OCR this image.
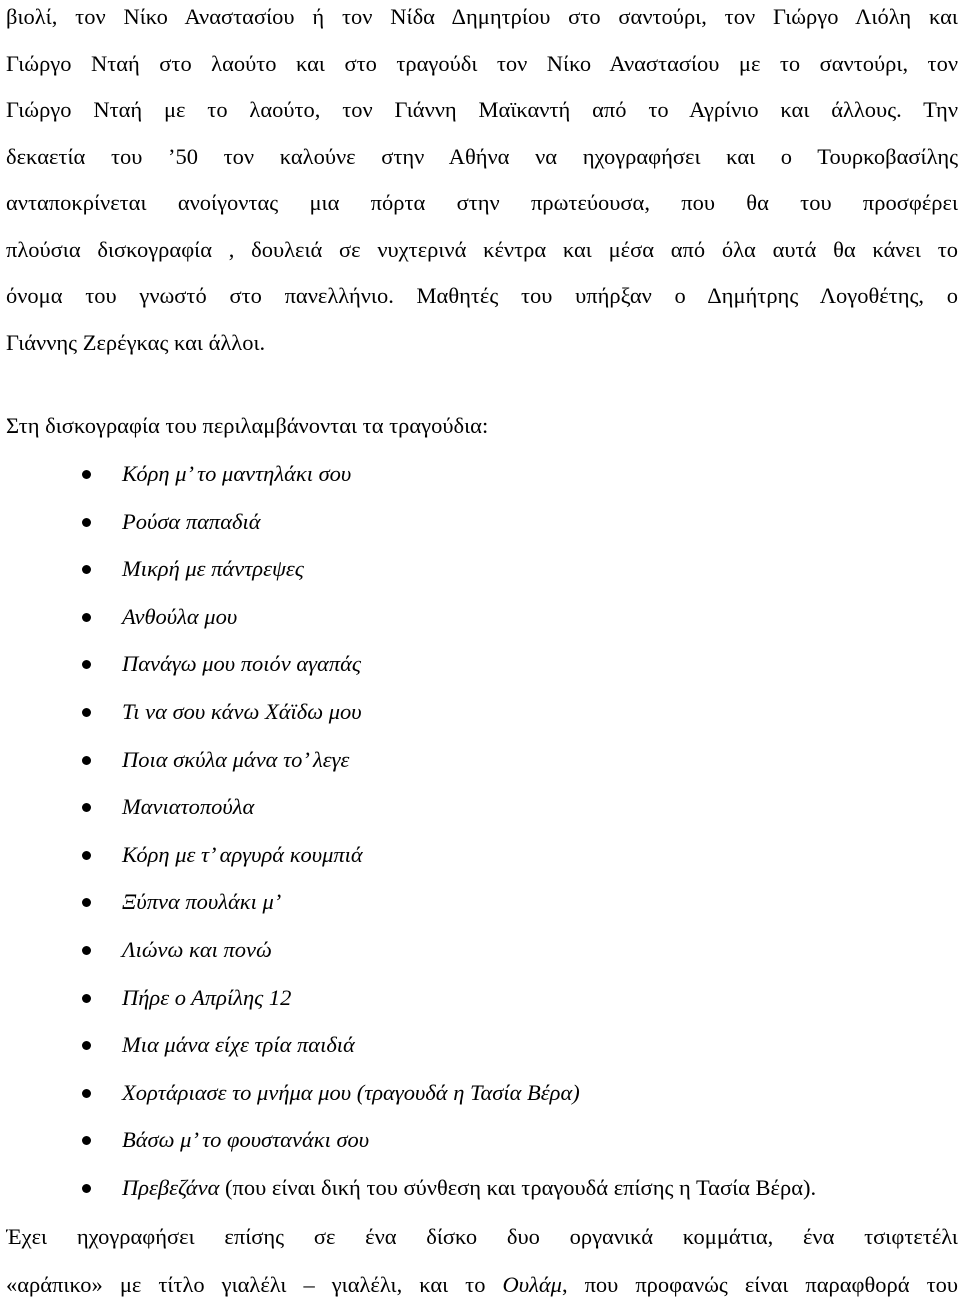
βιολί, τον Νίκο Αναστασίου ή τον Νίδα Δημητρίου στο σαντούρι, τον Γιώργο Λιόλη και
Γιώργο Νταή στο λαούτο και στο τραγούδι τον Νίκο Αναστασίου με το σαντούρι, τον
Γιώργο Νταή με το λαούτο, τον Γιάννη Μαϊκαντή από το Αγρίνιο και άλλους. Την
δεκαετία του ’50 τον καλούνε στην Αθήνα να ηχογραφήσει και ο Τουρκοβασίλης
ανταποκρίνεται ανοίγοντας μια πόρτα στην πρωτεύουσα, που θα του προσφέρει
πλούσια δισκογραφία , δουλειά σε νυχτερινά κέντρα και μέσα από όλα αυτά θα κάνει το
όνομα του γνωστό στο πανελλήνιο. Μαθητές του υπήρξαν ο Δημήτρης Λογοθέτης, ο
Γιάννης Ζερέγκας και άλλοι.
Στη δισκογραφία του περιλαμβάνονται τα τραγούδια:
Κόρη μ’ το μαντηλάκι σου
Ρούσα παπαδιά
Μικρή με πάντρεψες
Ανθούλα μου
Πανάγω μου ποιόν αγαπάς
Τι να σου κάνω Χάϊδω μου
Ποια σκύλα μάνα το’ λεγε
Μανιατοπούλα
Κόρη με τ’ αργυρά κουμπιά
Ξύπνα πουλάκι μ’
Λιώνω και πονώ
Πήρε ο Απρίλης 12
Μια μάνα είχε τρία παιδιά
Χορτάριασε το μνήμα μου (τραγουδά η Τασία Βέρα)
Βάσω μ’ το φουστανάκι σου
Πρεβεζάνα (που είναι δική του σύνθεση και τραγουδά επίσης η Τασία Βέρα).
Έχει ηχογραφήσει επίσης σε ένα δίσκο δυο οργανικά κομμάτια, ένα τσιφτετέλι
«αράπικο» με τίτλο γιαλέλι – γιαλέλι, και το Ουλάμ, που προφανώς είναι παραφθορά του
